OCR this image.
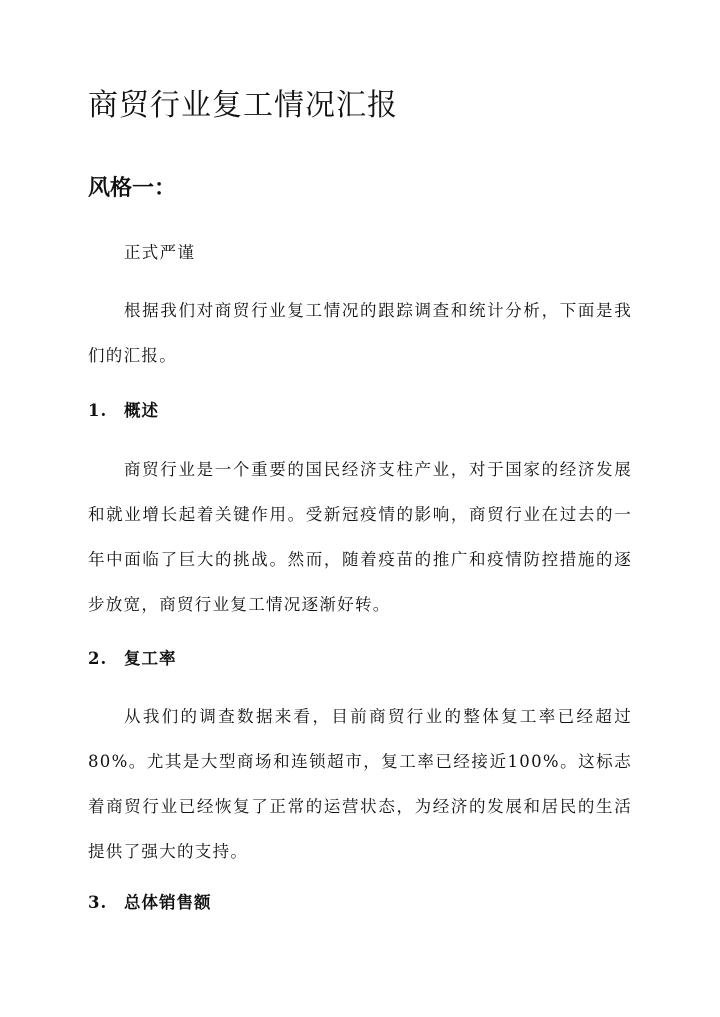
商贸行业复工情况汇报
风格一：

正式严谨

根据我们对商贸行业复工情况的跟踪调查和统计分析，下面是我们的汇报。

1. 概述

商贸行业是一个重要的国民经济支柱产业，对于国家的经济发展和就业增长起着关键作用。受新冠疫情的影响，商贸行业在过去的一年中面临了巨大的挑战。然而，随着疫苗的推广和疫情防控措施的逐步放宽，商贸行业复工情况逐渐好转。

2. 复工率

从我们的调查数据来看，目前商贸行业的整体复工率已经超过80%。尤其是大型商场和连锁超市，复工率已经接近100%。这标志着商贸行业已经恢复了正常的运营状态，为经济的发展和居民的生活提供了强大的支持。

3. 总体销售额
